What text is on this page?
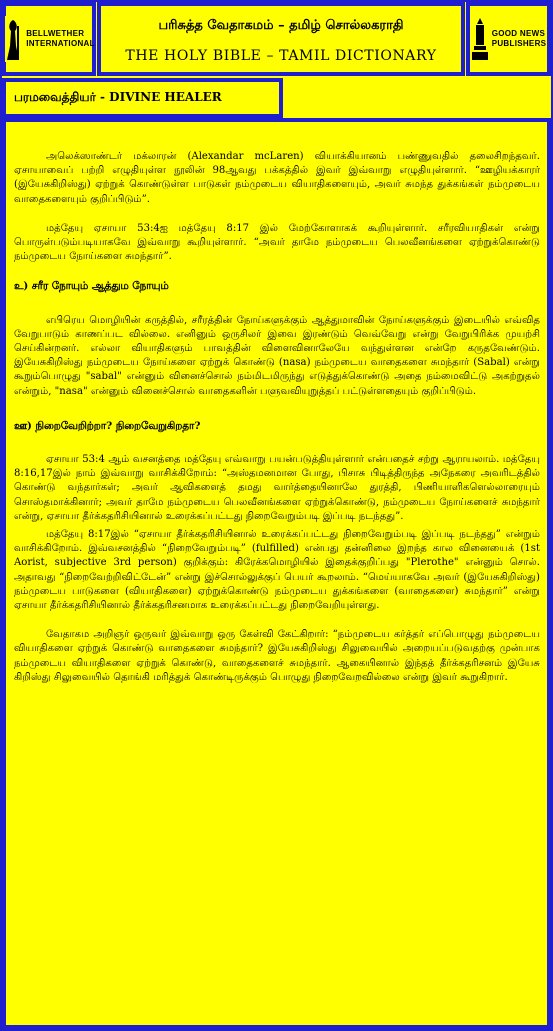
BELLWETHER
INTERNATIONAL
பரிசுத்த வேதாகமம் – தமிழ் சொல்லகராதி
THE HOLY BIBLE – TAMIL DICTIONARY
GOOD NEWS
PUBLISHERS
பரமவைத்தியர் - DIVINE HEALER

அலெக்ஸாண்டர் மக்லாரன் (Alexandar mcLaren) வியாக்கியானம் பண்ணுவதில் தலைசிறந்தவர். ஏசாயாவைப் பற்றி எழுதியுள்ள நூலின் 98ஆவது பக்கத்தில் இவர் இவ்வாறு எழுதியுள்ளார். “ஊழியக்காரர் (இயேசுகிறிஸ்து) ஏற்றுக் கொண்டுள்ள பாடுகள் நம்முடைய வியாதிகளையும், அவர் சுமந்த துக்கங்கள் நம்முடைய வாதைகளையும் குறிப்பிடும்”.

மத்தேயு ஏசாயா 53:4ஐ மத்தேயு 8:17 இல் மேற்கோளாகக் கூறியுள்ளார். சரீரவியாதிகள் என்று பொருள்படும்படியாகவே இவ்வாறு கூறியுள்ளார். “அவர் தாமே நம்முடைய பெலவீனங்களை ஏற்றுக்கொண்டு நம்முடைய நோய்களை சுமந்தார்”.

உ) சரீர நோயும் ஆத்தும நோயும்

எபிரெய மொழியின் கருத்தில், சரீரத்தின் நோய்களுக்கும் ஆத்துமாவின் நோய்களுக்கும் இடையில் எவ்வித வேறுபாடும் காணப்பட வில்லை. எனினும் ஒருசிலர் இவை இரண்டும் வெவ்வேறு என்று வேறுபிரிக்க முயற்சி செய்கின்றனர். எல்லா வியாதிகளும் பாவத்தின் விளைவினாலேயே வந்துள்ளன என்றே கருதவேண்டும். இயேசுகிறிஸ்து நம்முடைய நோய்களை ஏற்றுக் கொண்டு (nasa) நம்முடைய வாதைகளை சுமந்தார் (Sabal) என்று கூறும்பொழுது "sabal" என்னும் வினைச்சொல் நம்மிடமிருந்து எடுத்துக்கொண்டு அதை நம்மைவிட்டு அகற்றுதல் என்றும், "nasa" என்னும் வினைச்சொல் வாதைகளின் பளுவவியுறுத்தப் பட்டுள்ளதையும் குறிப்பிடும்.

ஊ) நிறைவேறிற்றா? நிறைவேறுகிறதா?

ஏசாயா 53:4 ஆம் வசனத்தை மத்தேயு எவ்வாறு பயன்படுத்தியுள்ளார் என்பதைச் சற்று ஆராயலாம். மத்தேயு 8:16,17இல் நாம் இவ்வாறு வாசிக்கிறோம்: “அஸ்தமனமான போது, பிசாசு பிடித்திருந்த அநேகரை அவரிடத்தில் கொண்டு வந்தார்கள்; அவர் ஆவிகளைத் தமது வார்த்தையினாலே துரத்தி, பிணியாளிகளெல்லாரையும் சொஸ்தமாக்கினார்; அவர் தாமே நம்முடைய பெலவீனங்களை ஏற்றுக்கொண்டு, நம்முடைய நோய்களைச் சுமந்தார் என்று, ஏசாயா தீர்க்கதரிசியினால் உரைக்கப்பட்டது நிறைவேறும்படி இப்படி நடந்தது”.

மத்தேயு 8:17இல் “ஏசாயா தீர்க்கதரிசியினால் உரைக்கப்பட்டது நிறைவேறும்படி இப்படி நடந்தது” என்றும் வாசிக்கிறோம். இவ்வசனத்தில் “நிறைவேறும்படி” (fulfilled) என்பது தன்னிலை இறந்த கால வினையைக் (1st Aorist, subjective 3rd person) குறிக்கும்: கிரேக்கமொழியில் இதைக்குறிப்பது "Plerothe" என்னும் சொல். அதாவது “நிறைவேற்றிவிட்டேன்” என்று இச்சொல்லுக்குப் பெயர் கூறலாம். “மெய்யாகவே அவர் (இயேசுகிறிஸ்து) நம்முடைய பாடுகளை (வியாதிகளை) ஏற்றுக்கொண்டு நம்முடைய துக்கங்களை (வாதைகளை) சுமந்தார்” என்று ஏசாயா தீர்க்கதரிசியினால் தீர்க்கதரிசனமாக உரைக்கப்பட்டது நிறைவேறியுள்ளது.

வேதாகம அறிஞர் ஒருவர் இவ்வாறு ஒரு கேள்வி கேட்கிறார்: “நம்முடைய கர்த்தர் எப்பொழுது நம்முடைய வியாதிகளை ஏற்றுக் கொண்டு வாதைகளை சுமந்தார்? இயேசுகிறிஸ்து சிலுவையில் அறையப்படுவதற்கு முன்பாக நம்முடைய வியாதிகளை ஏற்றுக் கொண்டு, வாதைகளைச் சுமந்தார். ஆகையினால் இந்தத் தீர்க்கதரிசனம் இயேசு கிறிஸ்து சிலுவையில் தொங்கி மரித்துக் கொண்டிருக்கும் பொழுது நிறைவேறவில்லை என்று இவர் கூறுகிறார்.
